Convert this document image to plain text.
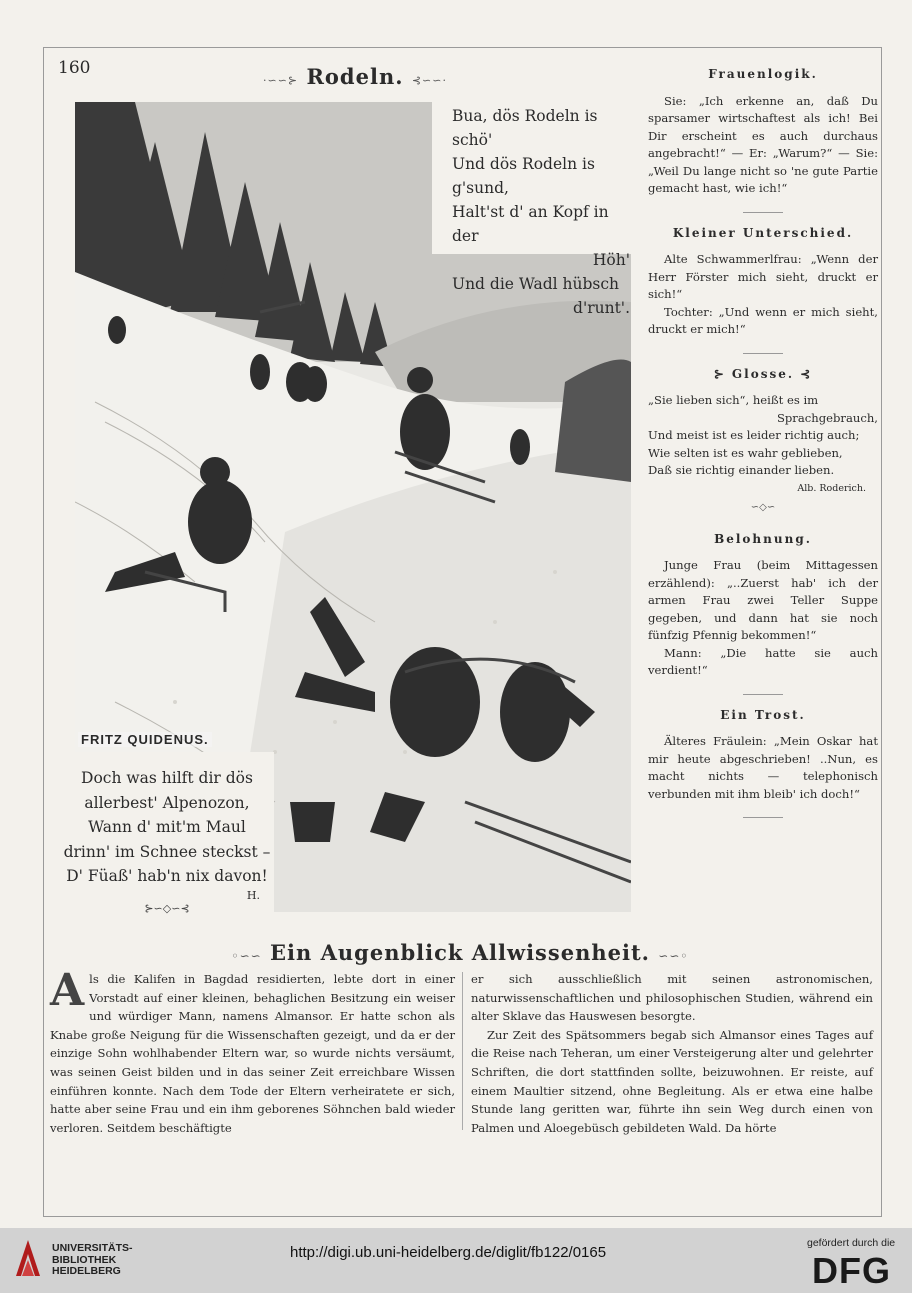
160
·∽∽⊱ Rodeln. ⊰∽∽·
FRITZ QUIDENUS.
Bua, dös Rodeln is schö'
Und dös Rodeln is g'sund,
Halt'st d' an Kopf in der
Höh'
Und die Wadl hübsch
d'runt'.
Doch was hilft dir dös
allerbest' Alpenozon,
Wann d' mit'm Maul
drinn' im Schnee steckst –
D' Füaß' hab'n nix davon!
H.
⊱∽◇∽⊰
Frauenlogik.

Sie: „Ich erkenne an, daß Du sparsamer wirtschaftest als ich! Bei Dir erscheint es auch durchaus angebracht!“ — Er: „Warum?“ — Sie: „Weil Du lange nicht so 'ne gute Partie gemacht hast, wie ich!“

Kleiner Unterschied.

Alte Schwammerlfrau: „Wenn der Herr Förster mich sieht, druckt er sich!“

Tochter: „Und wenn er mich sieht, druckt er mich!“

⊱ Glosse. ⊰

„Sie lieben sich“, heißt es im

Sprachgebrauch,

Und meist ist es leider richtig auch;

Wie selten ist es wahr geblieben,

Daß sie richtig einander lieben.

Alb. Roderich.

∽◇∽
Belohnung.

Junge Frau (beim Mittagessen erzählend): „..Zuerst hab' ich der armen Frau zwei Teller Suppe gegeben, und dann hat sie noch fünfzig Pfennig bekommen!“

Mann: „Die hatte sie auch verdient!“

Ein Trost.

Älteres Fräulein: „Mein Oskar hat mir heute abgeschrieben! ..Nun, es macht nichts — telephonisch verbunden mit ihm bleib' ich doch!“

◦∽∽ Ein Augenblick Allwissenheit. ∽∽◦

Als die Kalifen in Bagdad residierten, lebte dort in einer Vorstadt auf einer kleinen, behaglichen Besitzung ein weiser und würdiger Mann, namens Almansor. Er hatte schon als Knabe große Neigung für die Wissenschaften gezeigt, und da er der einzige Sohn wohlhabender Eltern war, so wurde nichts versäumt, was seinen Geist bilden und in das seiner Zeit erreichbare Wissen einführen konnte. Nach dem Tode der Eltern verheiratete er sich, hatte aber seine Frau und ein ihm geborenes Söhnchen bald wieder verloren. Seitdem beschäftigte

er sich ausschließlich mit seinen astronomischen, naturwissenschaftlichen und philosophischen Studien, während ein alter Sklave das Hauswesen besorgte.

Zur Zeit des Spätsommers begab sich Almansor eines Tages auf die Reise nach Teheran, um einer Versteigerung alter und gelehrter Schriften, die dort stattfinden sollte, beizuwohnen. Er reiste, auf einem Maultier sitzend, ohne Begleitung. Als er etwa eine halbe Stunde lang geritten war, führte ihn sein Weg durch einen von Palmen und Aloegebüsch gebildeten Wald. Da hörte

UNIVERSITÄTS-
BIBLIOTHEK
HEIDELBERG
http://digi.ub.uni-heidelberg.de/diglit/fb122/0165
gefördert durch die
DFG
